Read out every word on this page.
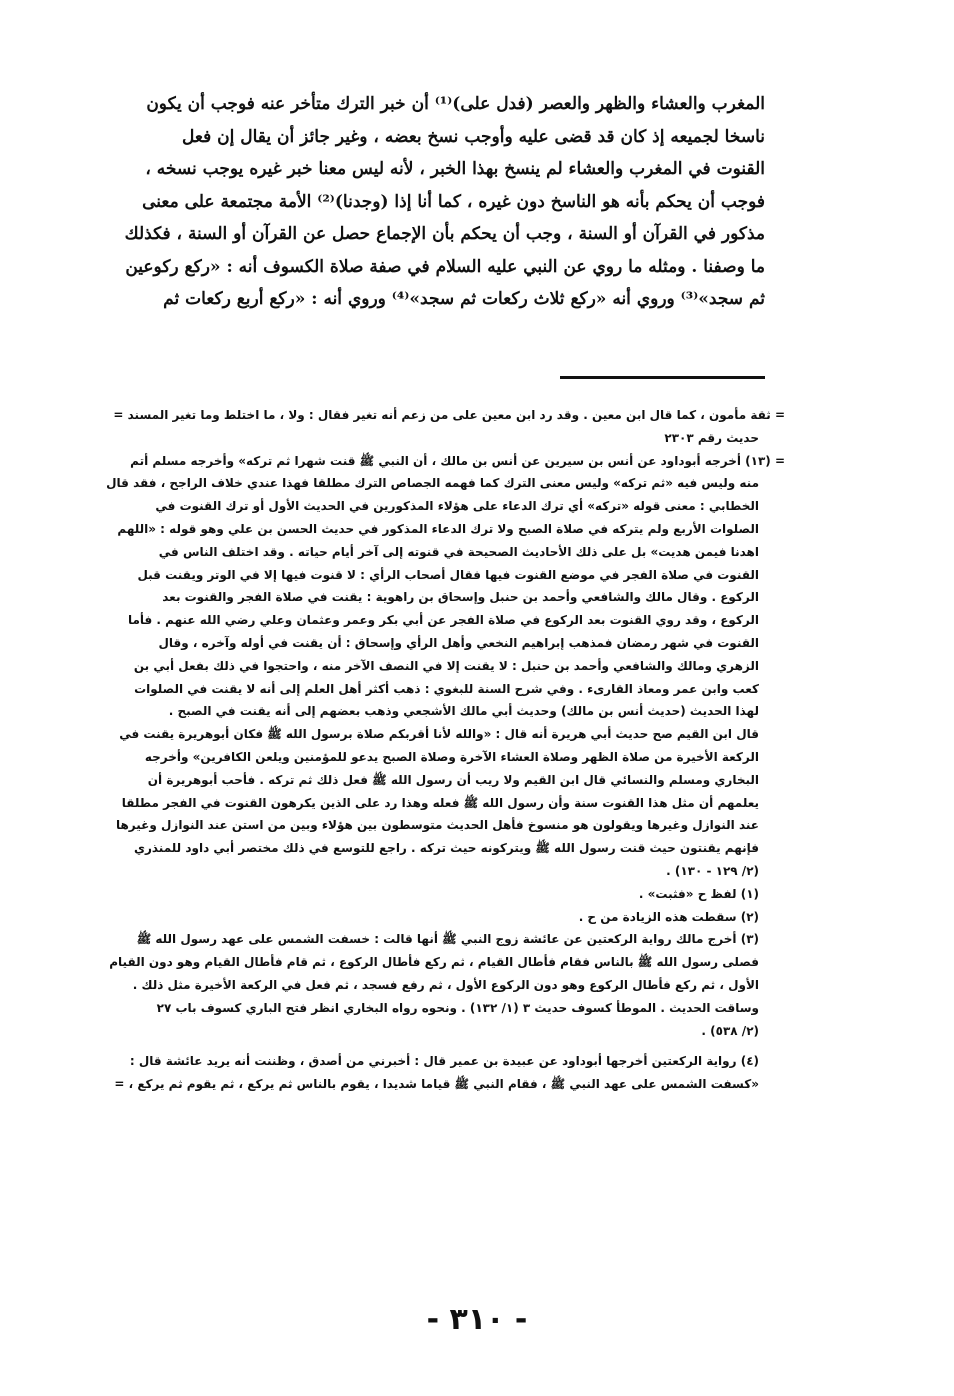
المغرب والعشاء والظهر والعصر (فدل على)⁽¹⁾ أن خبر الترك متأخر عنه فوجب أن يكون
ناسخا لجميعه إذ كان قد قضى عليه وأوجب نسخ بعضه ، وغير جائز أن يقال إن فعل
القنوت في المغرب والعشاء لم ينسخ بهذا الخبر ، لأنه ليس معنا خبر غيره يوجب نسخه ،
فوجب أن يحكم بأنه هو الناسخ دون غيره ، كما أنا إذا (وجدنا)⁽²⁾ الأمة مجتمعة على معنى
مذكور في القرآن أو السنة ، وجب أن يحكم بأن الإجماع حصل عن القرآن أو السنة ، فكذلك
ما وصفنا . ومثله ما روي عن النبي عليه السلام في صفة صلاة الكسوف أنه : «ركع ركوعين
ثم سجد»⁽³⁾ وروي أنه «ركع ثلاث ركعات ثم سجد»⁽⁴⁾ وروي أنه : «ركع أربع ركعات ثم
= ثقة مأمون ، كما قال ابن معين . وقد رد ابن معين على من زعم أنه تغير فقال : ولا ، ما اختلط وما تغير المسند =
حديث رقم ٢٣٠٣
= (١٣) أخرجه أبوداود عن أنس بن سيرين عن أنس بن مالك ، أن النبي ﷺ قنت شهرا ثم تركه» وأخرجه مسلم أتم
منه وليس فيه «ثم تركه» وليس معنى الترك كما فهمه الجصاص الترك مطلقا فهذا عندي خلاف الراجح ، فقد قال
الخطابي : معنى قوله «تركه» أي ترك الدعاء على هؤلاء المذكورين في الحديث الأول أو ترك القنوت في
الصلوات الأربع ولم يتركه في صلاة الصبح ولا ترك الدعاء المذكور في حديث الحسن بن علي وهو قوله : «اللهم
اهدنا فيمن هديت» بل على ذلك الأحاديث الصحيحة في قنوته إلى آخر أيام حياته . وقد اختلف الناس في
القنوت في صلاة الفجر في موضع القنوت فيها فقال أصحاب الرأي : لا قنوت فيها إلا في الوتر ويقنت قبل
الركوع . وقال مالك والشافعي وأحمد بن حنبل وإسحاق بن راهوية : يقنت في صلاة الفجر والقنوت بعد
الركوع ، وقد روي القنوت بعد الركوع في صلاة الفجر عن أبي بكر وعمر وعثمان وعلي رضي الله عنهم . فأما
القنوت في شهر رمضان فمذهب إبراهيم النخعي وأهل الرأي وإسحاق : أن يقنت في أوله وآخره ، وقال
الزهري ومالك والشافعي وأحمد بن حنبل : لا يقنت إلا في النصف الآخر منه ، واحتجوا في ذلك بفعل أبي بن
كعب وابن عمر ومعاذ القارىء . وفي شرح السنة للبغوي : ذهب أكثر أهل العلم إلى أنه لا يقنت في الصلوات
لهذا الحديث (حديث أنس بن مالك) وحديث أبي مالك الأشجعي وذهب بعضهم إلى أنه يقنت في الصبح .
قال ابن القيم صح حديث أبي هريرة أنه قال : «والله لأنا أقربكم صلاة برسول الله ﷺ فكان أبوهريرة يقنت في
الركعة الأخيرة من صلاة الظهر وصلاة العشاء الآخرة وصلاة الصبح يدعو للمؤمنين ويلعن الكافرين» وأخرجه
البخاري ومسلم والنسائي قال ابن القيم ولا ريب أن رسول الله ﷺ فعل ذلك ثم تركه . فأحب أبوهريرة أن
يعلمهم أن مثل هذا القنوت سنة وأن رسول الله ﷺ فعله وهذا رد على الذين يكرهون القنوت في الفجر مطلقا
عند النوازل وغيرها ويقولون هو منسوخ فأهل الحديث متوسطون بين هؤلاء وبين من استن عند النوازل وغيرها
فإنهم يقنتون حيث قنت رسول الله ﷺ ويتركونه حيث تركه . راجع للتوسع في ذلك مختصر أبي داود للمنذري
(٢/ ١٢٩ - ١٣٠) .
(١) لفظ ح «فثبت» .
(٢) سقطت هذه الزيادة من ح .
(٣) أخرج مالك رواية الركعتين عن عائشة زوج النبي ﷺ أنها قالت : خسفت الشمس على عهد رسول الله ﷺ
فصلى رسول الله ﷺ بالناس فقام فأطال القيام ، ثم ركع فأطال الركوع ، ثم قام فأطال القيام وهو دون القيام
الأول ، ثم ركع فأطال الركوع وهو دون الركوع الأول ، ثم رفع فسجد ، ثم فعل في الركعة الأخيرة مثل ذلك .
وساقت الحديث . الموطأ كسوف حديث ٣ (١/ ١٣٢) . ونحوه رواه البخاري انظر فتح الباري كسوف باب ٢٧
(٢/ ٥٣٨) .
(٤) رواية الركعتين أخرجها أبوداود عن عبيدة بن عمير قال : أخبرني من أصدق ، وظننت أنه يريد عائشة قال :
«كسفت الشمس على عهد النبي ﷺ ، فقام النبي ﷺ قياما شديدا ، يقوم بالناس ثم يركع ، ثم يقوم ثم يركع ، =
- ٣١٠ -
